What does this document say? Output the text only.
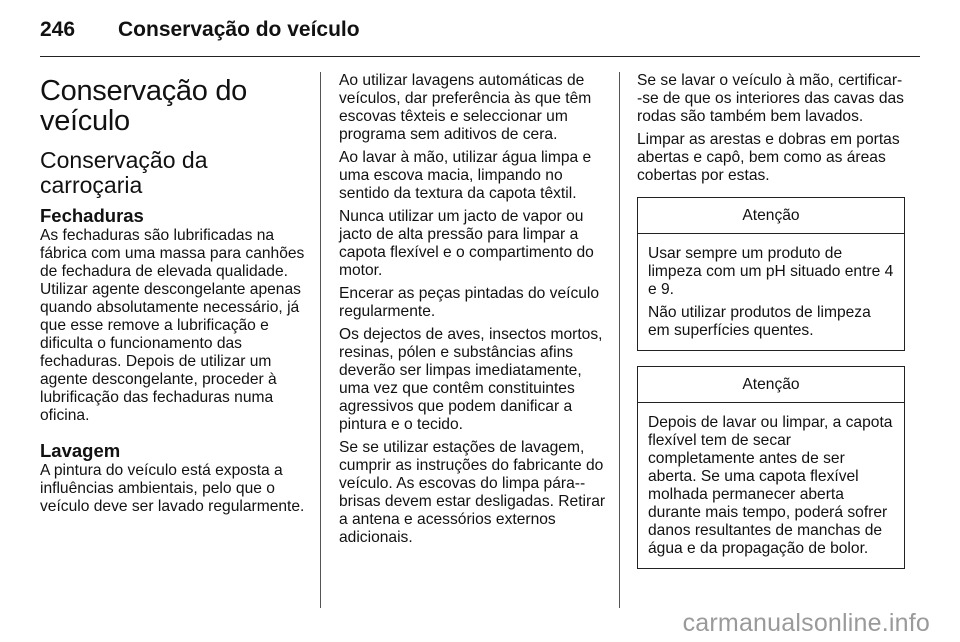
246	Conservação do veículo
Conservação do veículo
Conservação da carroçaria
Fechaduras

As fechaduras são lubrificadas na fábrica com uma massa para canhões de fechadura de elevada qualidade. Utilizar agente descongelante apenas quando absolutamente necessário, já que esse remove a lubrificação e dificulta o funcionamento das fechaduras. Depois de utilizar um agente descongelante, proceder à lubrificação das fechaduras numa oficina.

Lavagem

A pintura do veículo está exposta a influências ambientais, pelo que o veículo deve ser lavado regularmente.

Ao utilizar lavagens automáticas de veículos, dar preferência às que têm escovas têxteis e seleccionar um programa sem aditivos de cera.

Ao lavar à mão, utilizar água limpa e uma escova macia, limpando no sentido da textura da capota têxtil.

Nunca utilizar um jacto de vapor ou jacto de alta pressão para limpar a capota flexível e o compartimento do motor.

Encerar as peças pintadas do veículo regularmente.

Os dejectos de aves, insectos mortos, resinas, pólen e substâncias afins deverão ser limpas imediatamente, uma vez que contêm constituintes agressivos que podem danificar a pintura e o tecido.

Se se utilizar estações de lavagem, cumprir as instruções do fabricante do veículo. As escovas do limpa pára--brisas devem estar desligadas. Retirar a antena e acessórios externos adicionais.

Se se lavar o veículo à mão, certificar--se de que os interiores das cavas das rodas são também bem lavados.

Limpar as arestas e dobras em portas abertas e capô, bem como as áreas cobertas por estas.

Atenção

Usar sempre um produto de limpeza com um pH situado entre 4 e 9.

Não utilizar produtos de limpeza em superfícies quentes.

Atenção

Depois de lavar ou limpar, a capota flexível tem de secar completamente antes de ser aberta. Se uma capota flexível molhada permanecer aberta durante mais tempo, poderá sofrer danos resultantes de manchas de água e da propagação de bolor.

carmanualsonline.info
